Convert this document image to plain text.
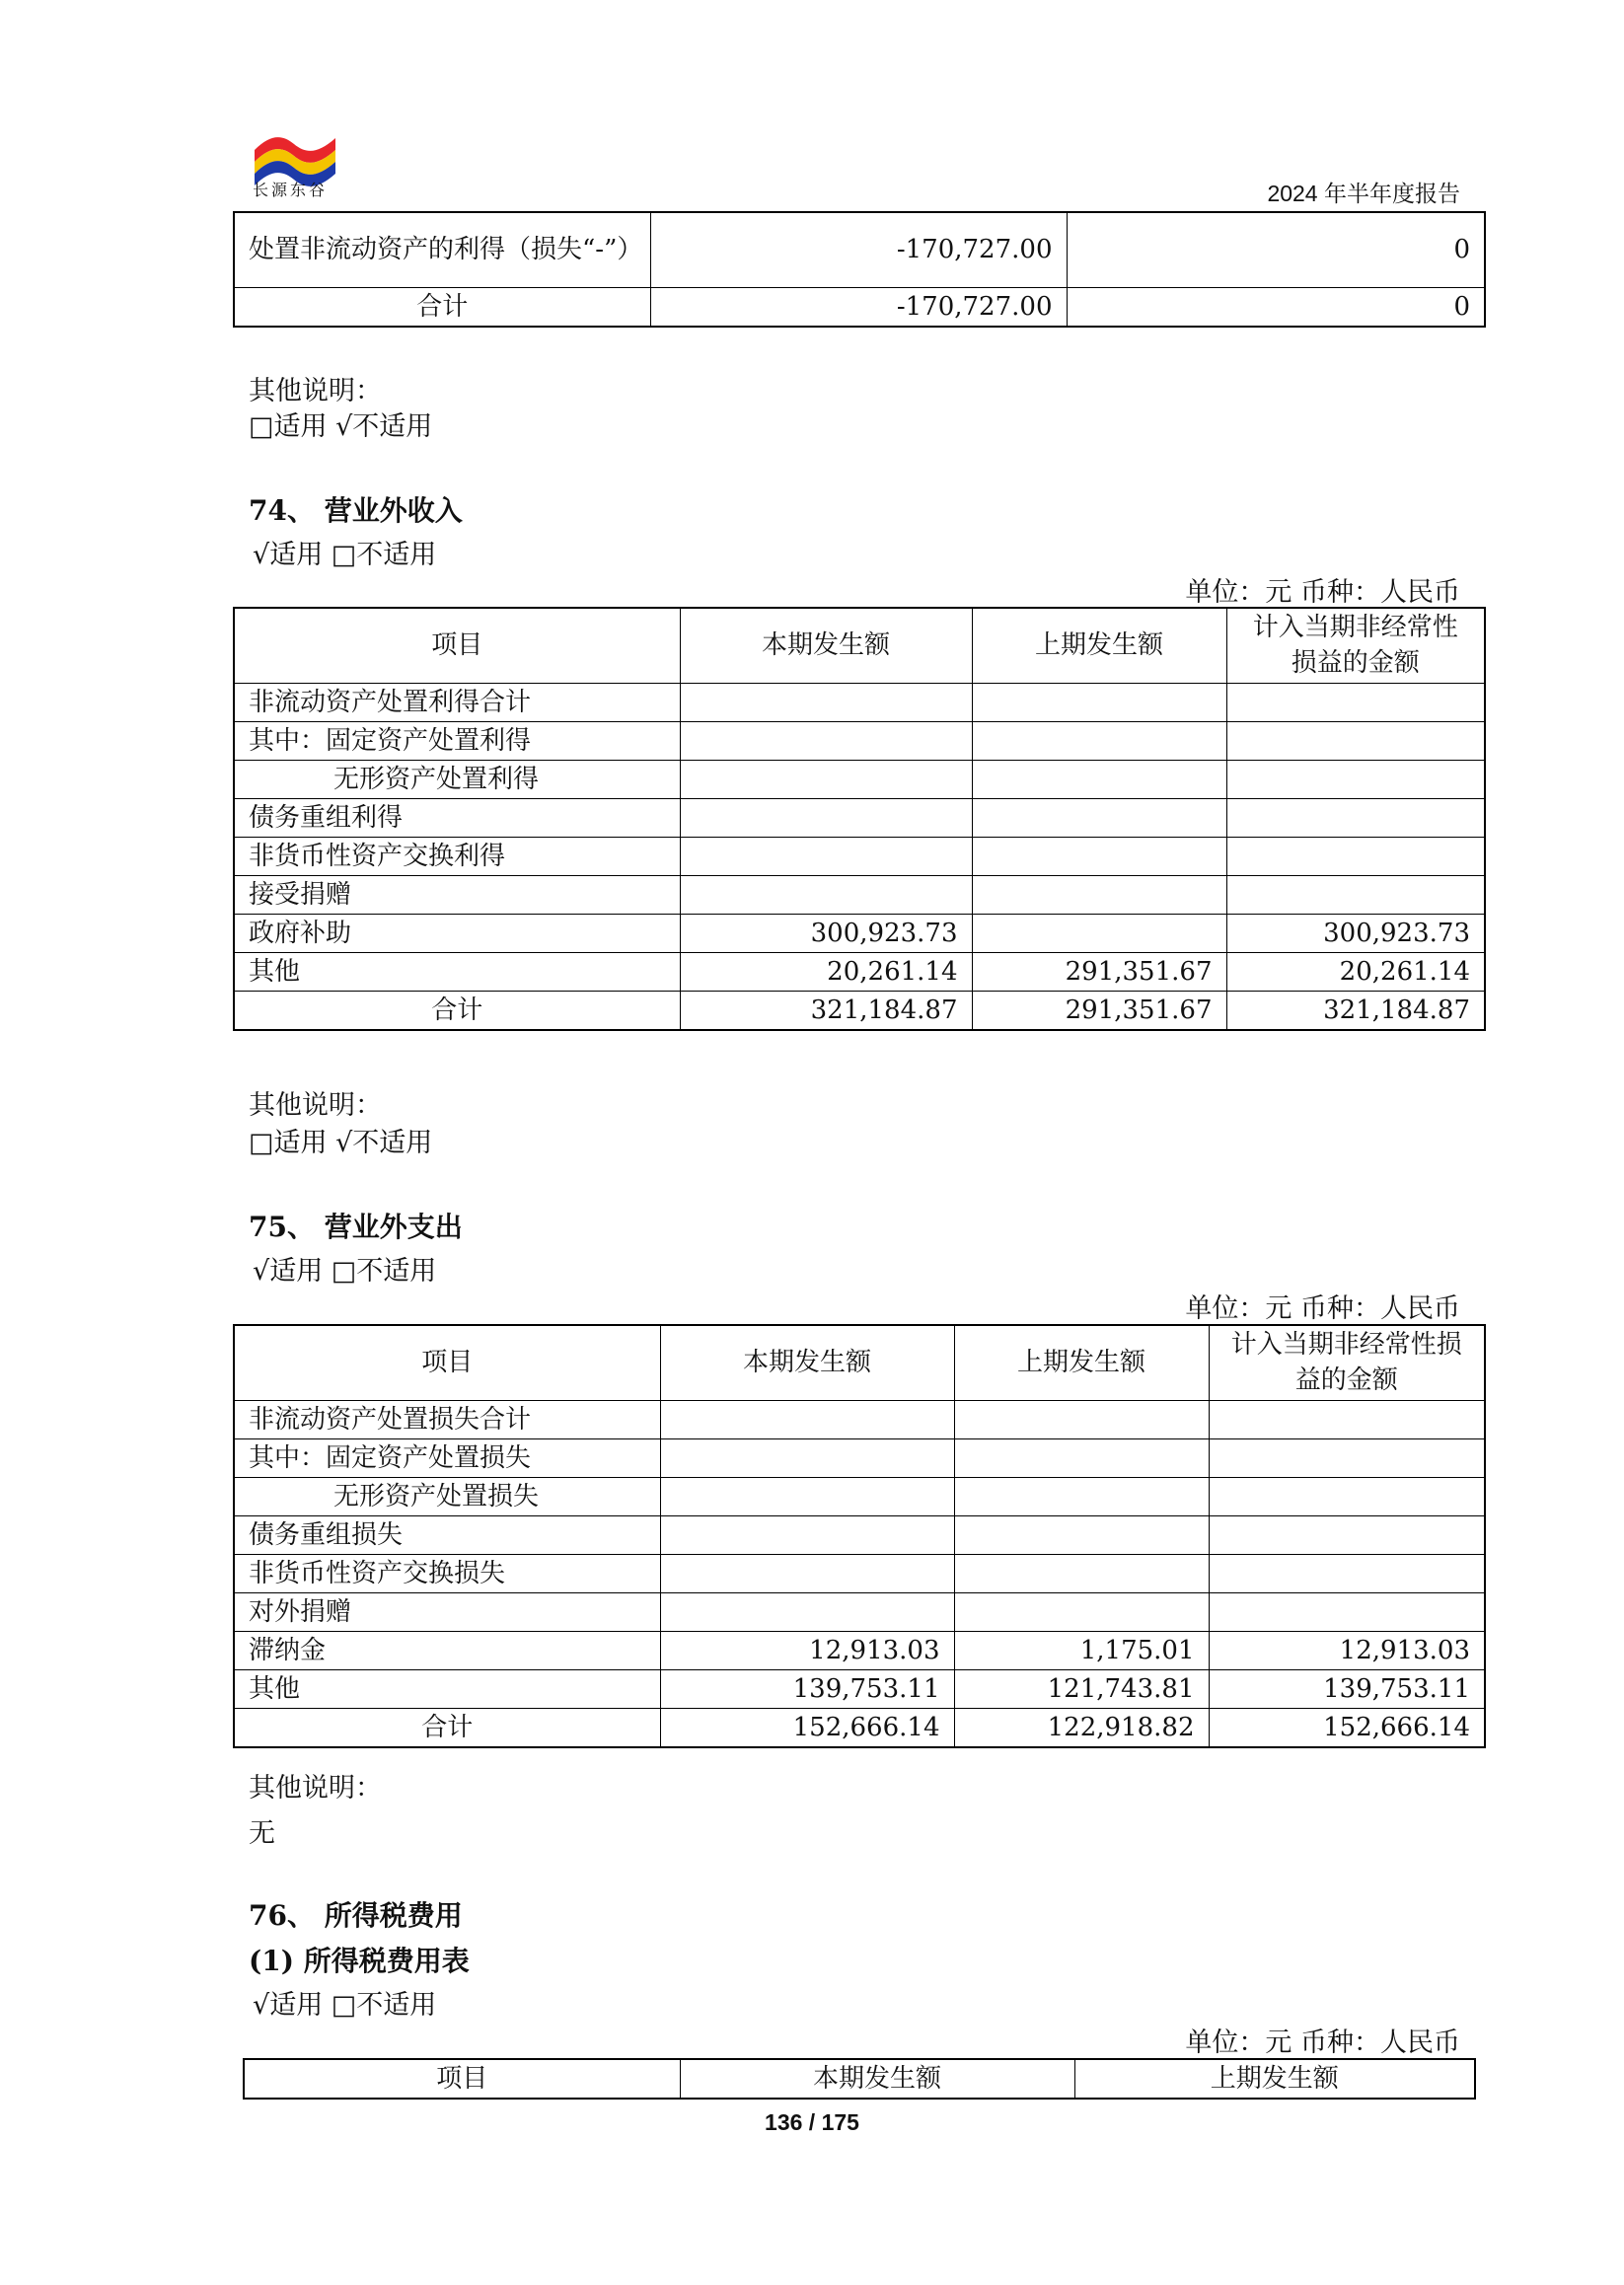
长源东谷	2024 年半年度报告
处置非流动资产的利得（损失“-”）	-170,727.00	0
合计	-170,727.00	0
其他说明：
□适用 √不适用
74、 营业外收入
√适用 □不适用
单位：元 币种：人民币
项目	本期发生额	上期发生额	计入当期非经常性损益的金额
非流动资产处置利得合计			
其中：固定资产处置利得			
无形资产处置利得			
债务重组利得			
非货币性资产交换利得			
接受捐赠			
政府补助	300,923.73		300,923.73
其他	20,261.14	291,351.67	20,261.14
合计	321,184.87	291,351.67	321,184.87
其他说明：
□适用 √不适用
75、 营业外支出
√适用 □不适用
单位：元 币种：人民币
项目	本期发生额	上期发生额	计入当期非经常性损益的金额
非流动资产处置损失合计			
其中：固定资产处置损失			
无形资产处置损失			
债务重组损失			
非货币性资产交换损失			
对外捐赠			
滞纳金	12,913.03	1,175.01	12,913.03
其他	139,753.11	121,743.81	139,753.11
合计	152,666.14	122,918.82	152,666.14
其他说明：
无
76、 所得税费用
(1) 所得税费用表
√适用 □不适用
单位：元 币种：人民币
项目	本期发生额	上期发生额
136 / 175
